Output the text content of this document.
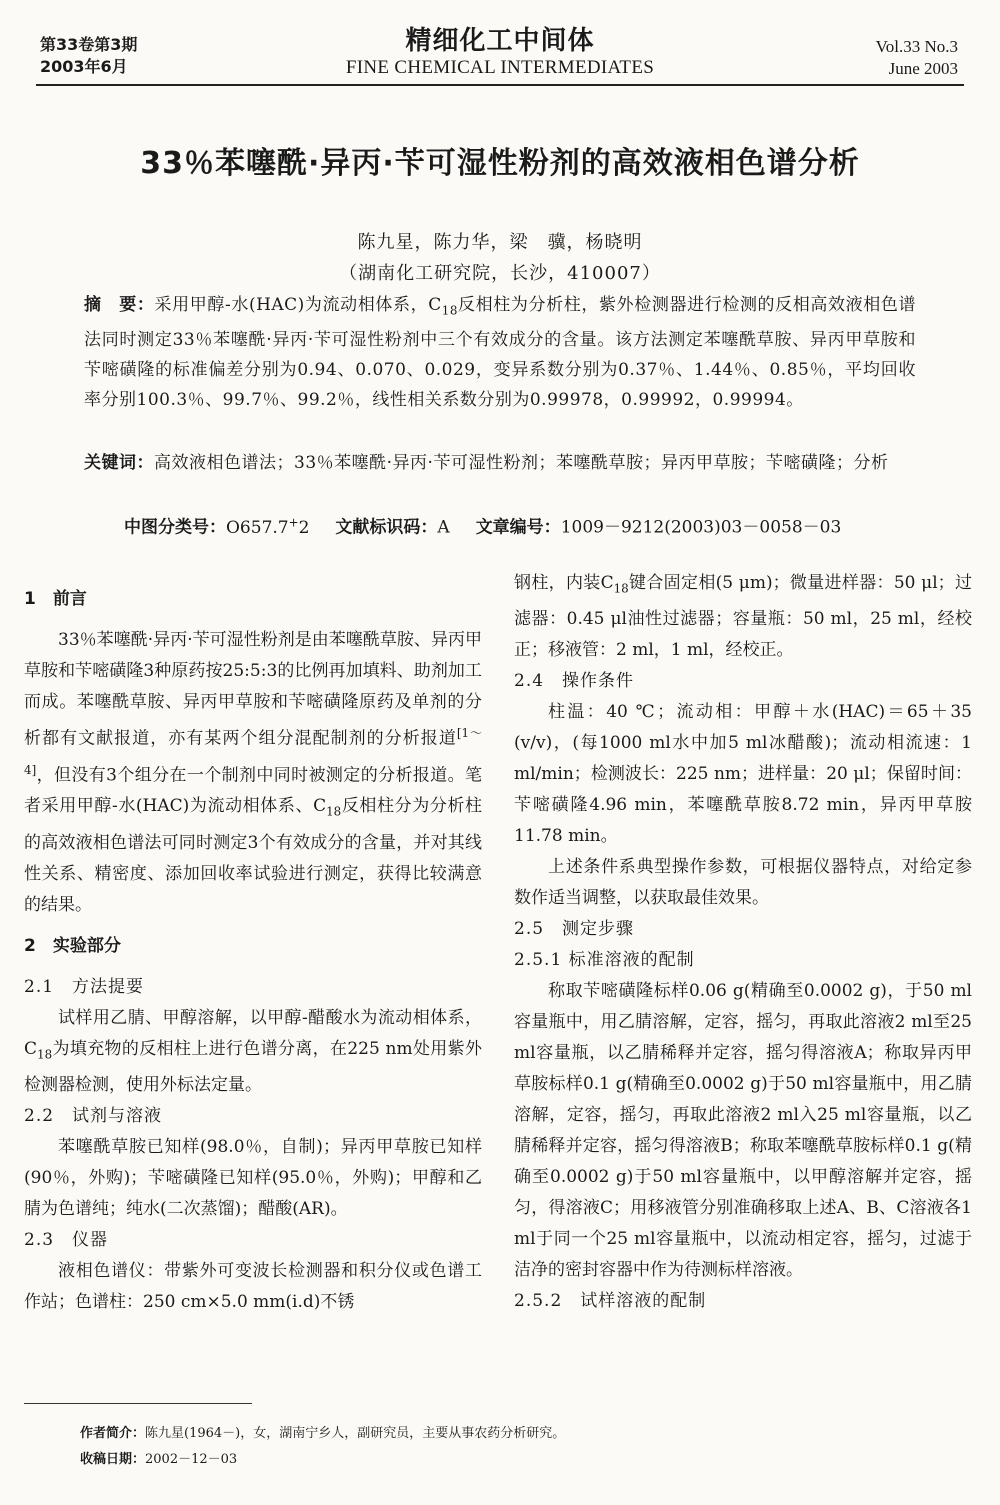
第33卷第3期
2003年6月
精细化工中间体
FINE CHEMICAL INTERMEDIATES
Vol.33 No.3
June 2003
33％苯噻酰·异丙·苄可湿性粉剂的高效液相色谱分析
陈九星，陈力华，梁　骥，杨晓明
（湖南化工研究院，长沙，410007）
摘　要：采用甲醇-水(HAC)为流动相体系，$C_{18}$反相柱为分析柱，紫外检测器进行检测的反相高效液相色谱法同时测定33％苯噻酰·异丙·苄可湿性粉剂中三个有效成分的含量。该方法测定苯噻酰草胺、异丙甲草胺和苄嘧磺隆的标准偏差分别为0.94、0.070、0.029，变异系数分别为0.37％、1.44％、0.85％，平均回收率分别100.3％、99.7％、99.2％，线性相关系数分别为0.99978，0.99992，0.99994。
关键词：高效液相色谱法；33％苯噻酰·异丙·苄可湿性粉剂；苯噻酰草胺；异丙甲草胺；苄嘧磺隆；分析
中图分类号：O657.7+2 文献标识码：A 文章编号：1009－9212(2003)03－0058－03

1　前言

33％苯噻酰·异丙·苄可湿性粉剂是由苯噻酰草胺、异丙甲草胺和苄嘧磺隆3种原药按25:5:3的比例再加填料、助剂加工而成。苯噻酰草胺、异丙甲草胺和苄嘧磺隆原药及单剂的分析都有文献报道，亦有某两个组分混配制剂的分析报道[1～4]，但没有3个组分在一个制剂中同时被测定的分析报道。笔者采用甲醇-水(HAC)为流动相体系、$C_{18}$反相柱分为分析柱的高效液相色谱法可同时测定3个有效成分的含量，并对其线性关系、精密度、添加回收率试验进行测定，获得比较满意的结果。

2　实验部分

2.1　方法提要

试样用乙腈、甲醇溶解，以甲醇-醋酸水为流动相体系，$C_{18}$为填充物的反相柱上进行色谱分离，在225 nm处用紫外检测器检测，使用外标法定量。

2.2　试剂与溶液

苯噻酰草胺已知样(98.0％，自制)；异丙甲草胺已知样(90％，外购)；苄嘧磺隆已知样(95.0％，外购)；甲醇和乙腈为色谱纯；纯水(二次蒸馏)；醋酸(AR)。

2.3　仪器

液相色谱仪：带紫外可变波长检测器和积分仪或色谱工作站；色谱柱：250 cm×5.0 mm(i.d)不锈

钢柱，内装$C_{18}$键合固定相(5 μm)；微量进样器：50 μl；过滤器：0.45 μl油性过滤器；容量瓶：50 ml，25 ml，经校正；移液管：2 ml，1 ml，经校正。

2.4　操作条件

柱温：40 ℃；流动相：甲醇＋水(HAC)＝65＋35 (v/v)，(每1000 ml水中加5 ml冰醋酸)；流动相流速：1 ml/min；检测波长：225 nm；进样量：20 μl；保留时间：苄嘧磺隆4.96 min，苯噻酰草胺8.72 min，异丙甲草胺11.78 min。

上述条件系典型操作参数，可根据仪器特点，对给定参数作适当调整，以获取最佳效果。

2.5　测定步骤

2.5.1 标准溶液的配制

称取苄嘧磺隆标样0.06 g(精确至0.0002 g)，于50 ml容量瓶中，用乙腈溶解，定容，摇匀，再取此溶液2 ml至25 ml容量瓶，以乙腈稀释并定容，摇匀得溶液A；称取异丙甲草胺标样0.1 g(精确至0.0002 g)于50 ml容量瓶中，用乙腈溶解，定容，摇匀，再取此溶液2 ml入25 ml容量瓶，以乙腈稀释并定容，摇匀得溶液B；称取苯噻酰草胺标样0.1 g(精确至0.0002 g)于50 ml容量瓶中，以甲醇溶解并定容，摇匀，得溶液C；用移液管分别准确移取上述A、B、C溶液各1 ml于同一个25 ml容量瓶中，以流动相定容，摇匀，过滤于洁净的密封容器中作为待测标样溶液。

2.5.2　试样溶液的配制

作者简介：陈九星(1964－)，女，湖南宁乡人，副研究员，主要从事农药分析研究。
收稿日期：2002－12－03
